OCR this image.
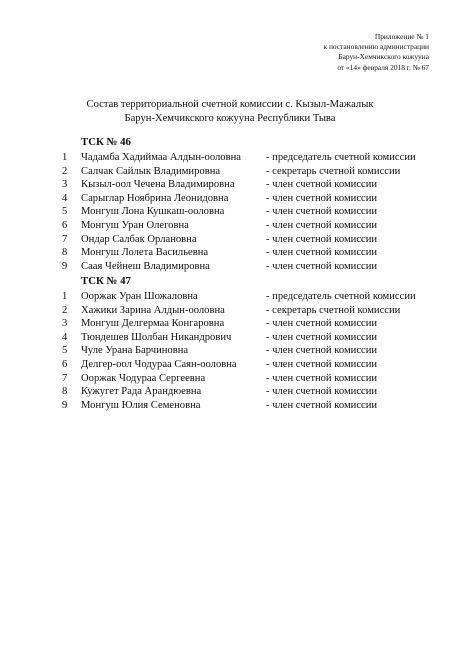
Приложение № 1
к постановлению администрации
Барун-Хемчикского кожууна
от «14» февраля 2018 г. № 67
Состав территориальной счетной комиссии с. Кызыл-Мажалык
Барун-Хемчикского кожууна Республики Тыва
ТСК № 46
1 Чадамба Хадиймаа Алдын-ооловна - председатель счетной комиссии
2 Салчак Сайлык Владимировна	- секретарь счетной комиссии
3 Кызыл-оол Чечена Владимировна	- член счетной комиссии
4 Сарыглар Ноябрина Леонидовна	- член счетной комиссии
5 Монгуш Лона Кушкаш-ооловна	- член счетной комиссии
6 Монгуш Уран Олеговна	- член счетной комиссии
7 Ондар Салбак Орлановна	- член счетной комиссии
8 Монгуш Лолета Васильевна	- член счетной комиссии
9 Саая Чейнеш Владимировна	- член счетной комиссии
ТСК № 47
1 Ооржак Уран Шожаловна	- председатель счетной комиссии
2 Хажики Зарина Алдын-ооловна	- секретарь счетной комиссии
3 Монгуш Делгермаа Конгаровна	- член счетной комиссии
4 Тюндешев Шолбан Никандрович	- член счетной комиссии
5 Чуле Урана Барчиновна	- член счетной комиссии
6 Делгер-оол Чодураа Саян-ооловна	- член счетной комиссии
7 Ооржак Чодураа Сергеевна	- член счетной комиссии
8 Кужугет Рада Арандюевна	- член счетной комиссии
9 Монгуш Юлия Семеновна	- член счетной комиссии
